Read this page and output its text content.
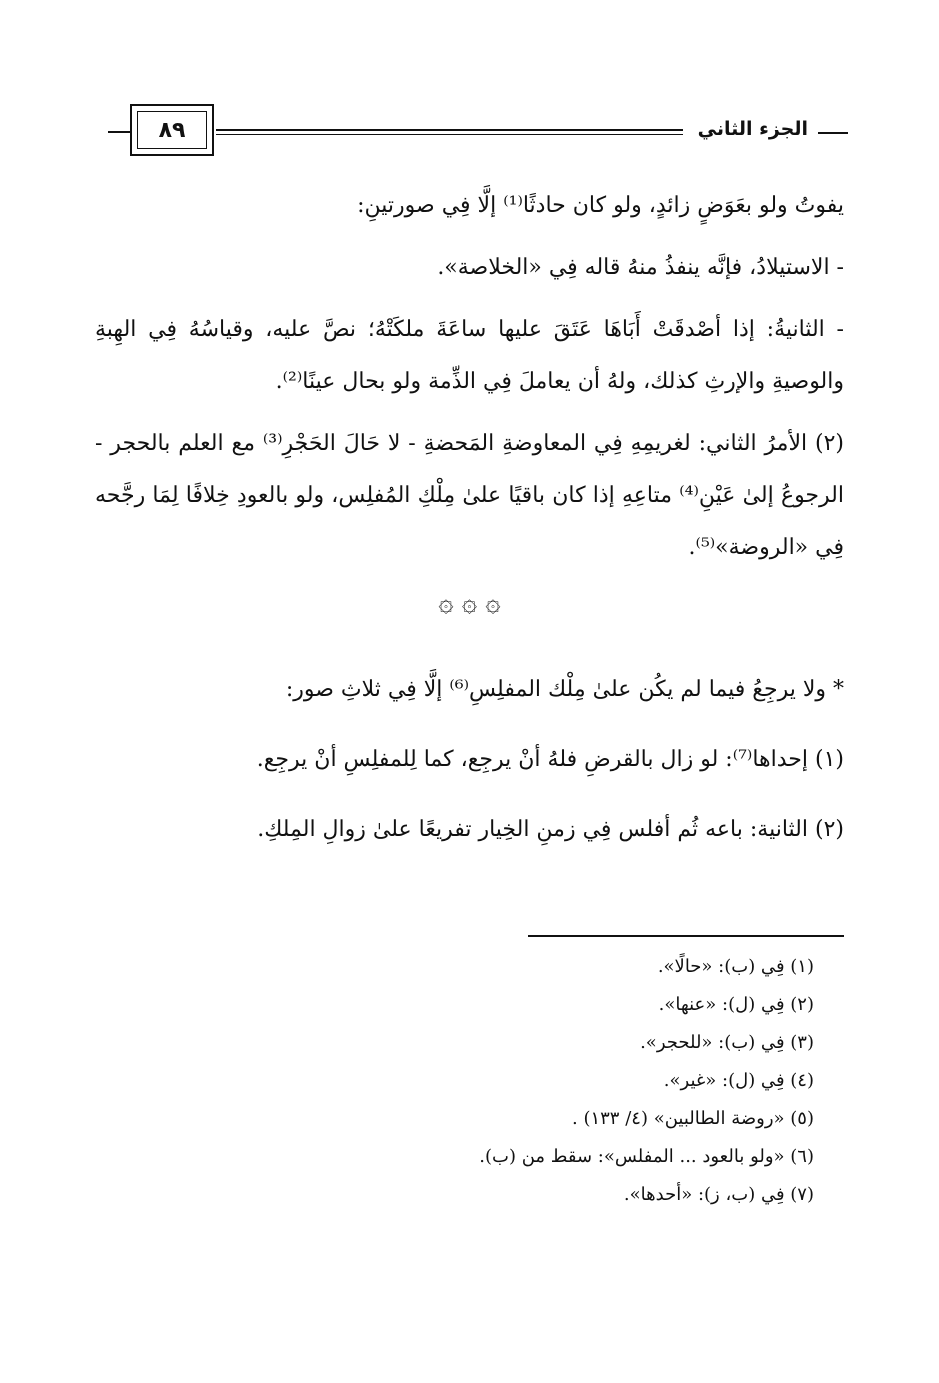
الجزء الثاني
٨٩

يفوتُ ولو بعَوَضٍ زائدٍ، ولو كان حادثًا⁽¹⁾ إلَّا فِي صورتينِ:

- الاستيلادُ، فإنَّه ينفذُ منهُ قاله فِي «الخلاصة».

- الثانيةُ: إذا أصْدقَتْ أَبَاهَا عَتَقَ عليها ساعَةَ ملكَتْهُ؛ نصَّ عليه، وقياسُهُ فِي الهِبةِ والوصيةِ والإرثِ كذلك، ولهُ أن يعاملَ فِي الذِّمة ولو بحال عينًا⁽²⁾.

(٢) الأمرُ الثاني: لغريمِهِ فِي المعاوضةِ المَحضةِ - لا حَالَ الحَجْرِ⁽³⁾ مع العلم بالحجر - الرجوعُ إلىٰ عَيْنِ⁽⁴⁾ متاعِهِ إذا كان باقيًا علىٰ مِلْكِ المُفلِس، ولو بالعودِ خِلافًا لِمَا رجَّحه فِي «الروضة»⁽⁵⁾.

۞ ۞ ۞

* ولا يرجِعُ فيما لم يكُن علىٰ مِلْك المفلِسِ⁽⁶⁾ إلَّا فِي ثلاثِ صور:

(١) إحداها⁽⁷⁾: لو زال بالقرضِ فلهُ أنْ يرجِع، كما لِلمفلِسِ أنْ يرجِع.

(٢) الثانية: باعه ثُم أفلس فِي زمنِ الخِيار تفريعًا علىٰ زوالِ المِلكِ.

(١) فِي (ب): «حالًا».

(٢) فِي (ل): «عنها».

(٣) فِي (ب): «للحجر».

(٤) فِي (ل): «غير».

(٥) «روضة الطالبين» (٤/ ١٣٣) .

(٦) «ولو بالعود ... المفلس»: سقط من (ب).

(٧) فِي (ب، ز): «أحدها».
